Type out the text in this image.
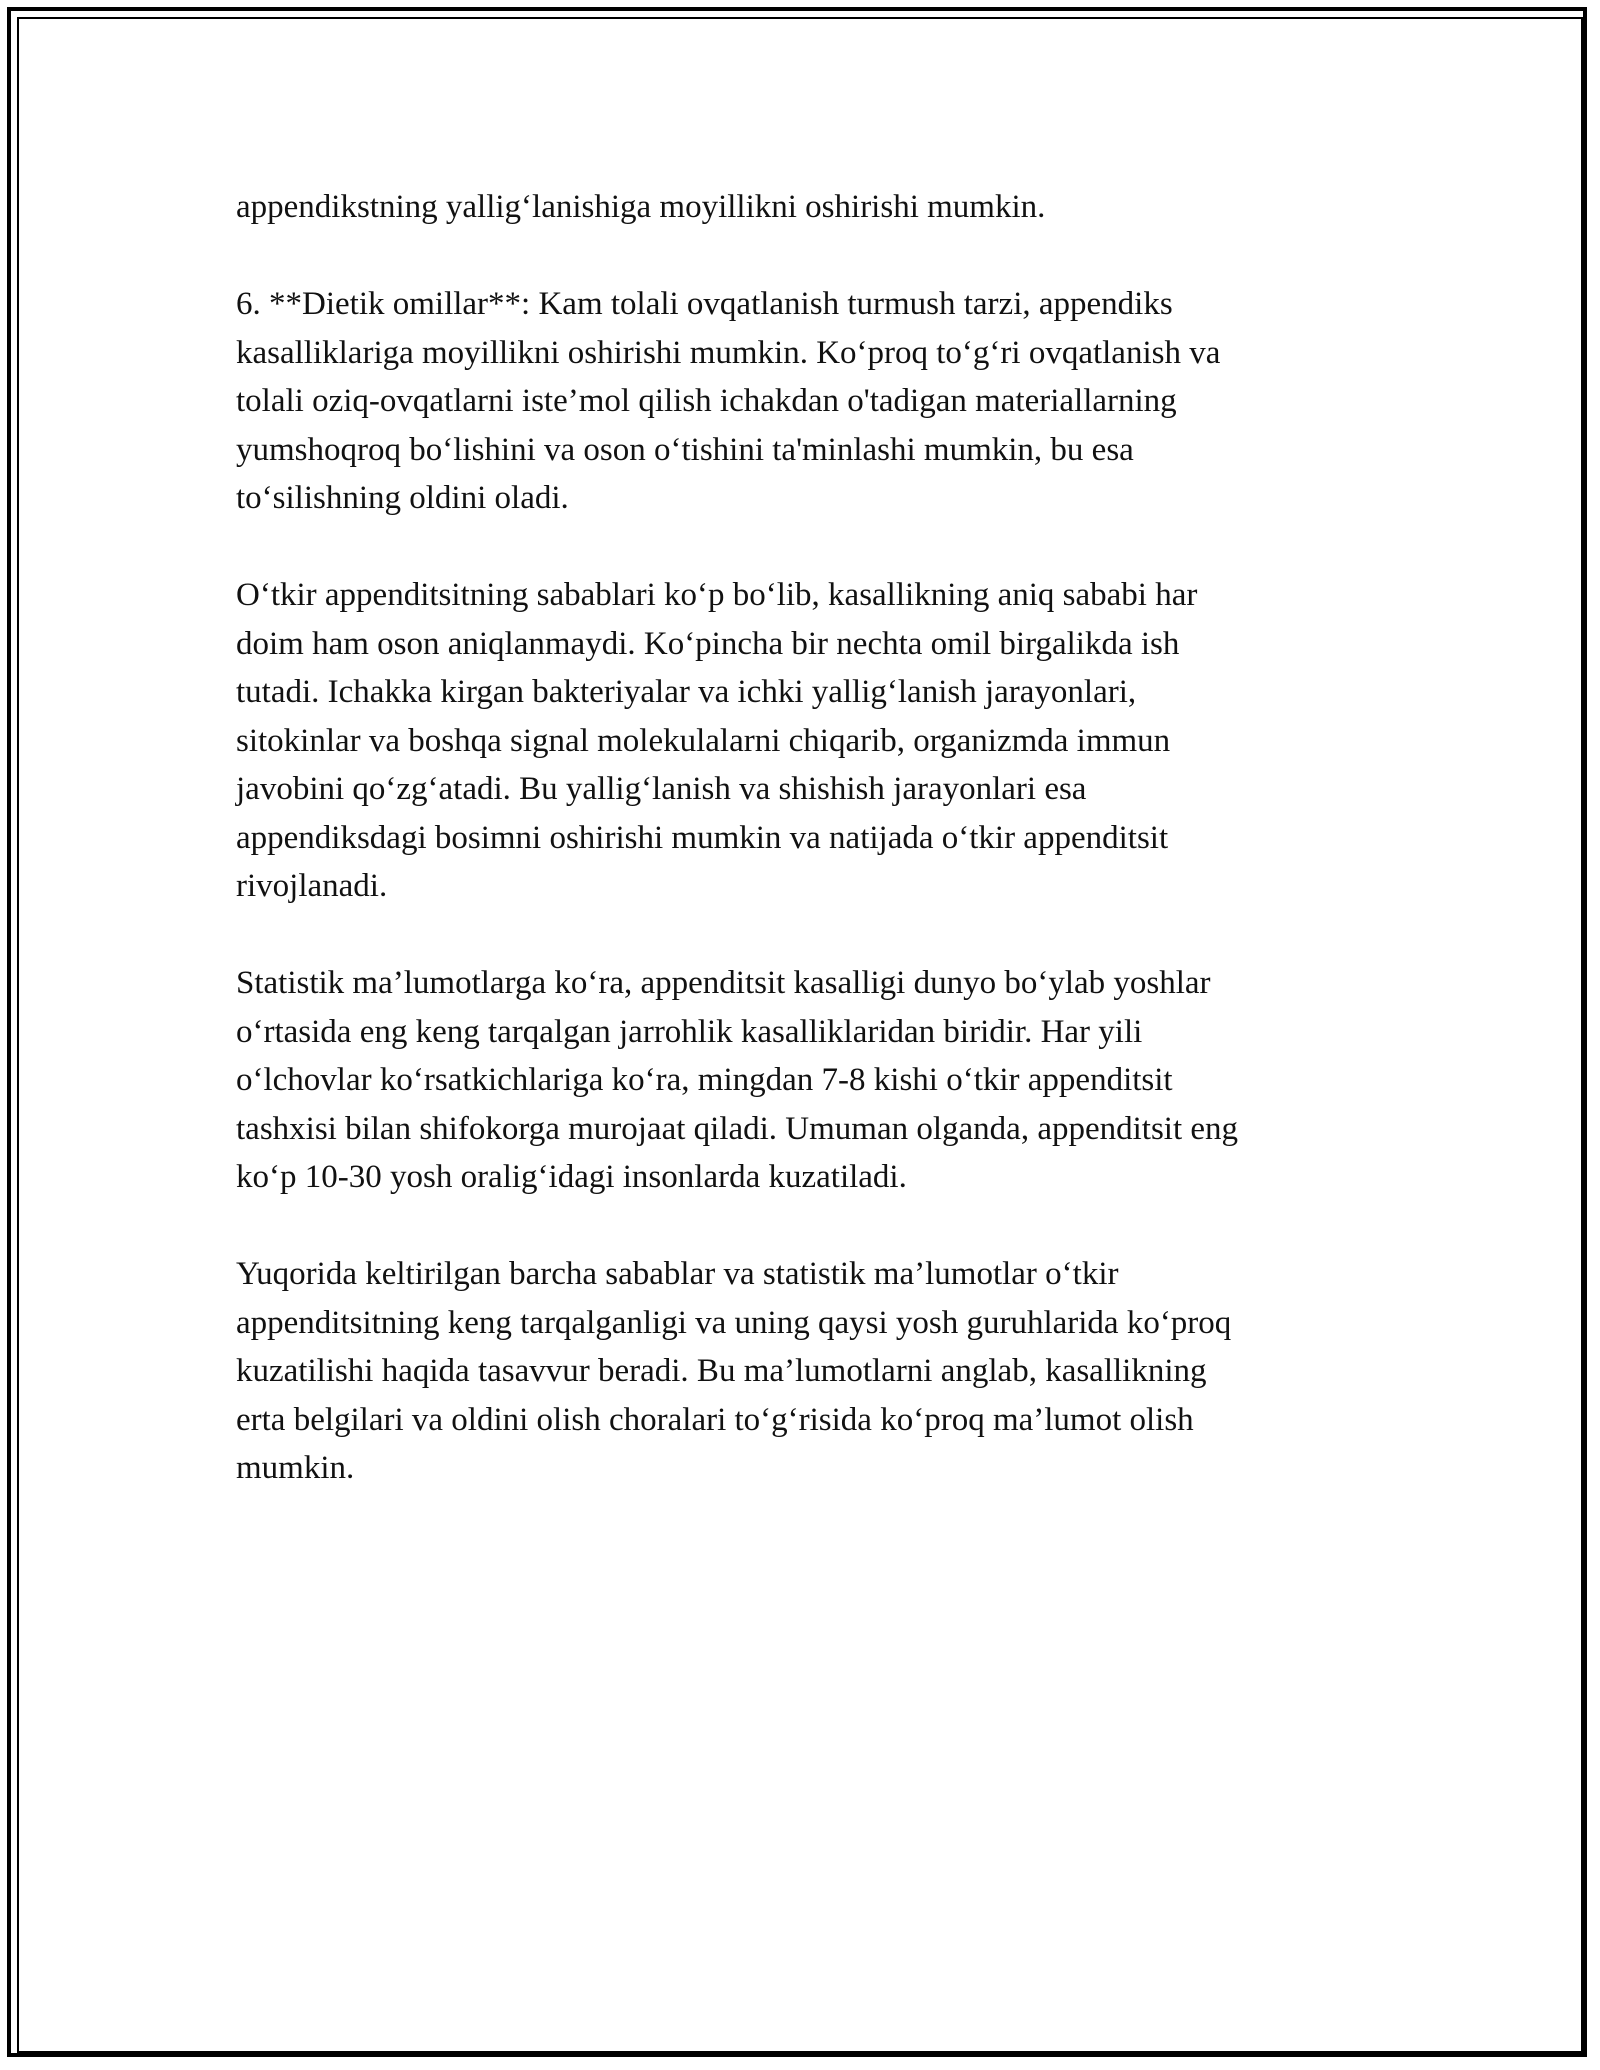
appendikstning yallig‘lanishiga moyillikni oshirishi mumkin.

6. **Dietik omillar**: Kam tolali ovqatlanish turmush tarzi, appendiks
kasalliklariga moyillikni oshirishi mumkin. Ko‘proq to‘g‘ri ovqatlanish va
tolali oziq-ovqatlarni iste’mol qilish ichakdan o'tadigan materiallarning
yumshoqroq bo‘lishini va oson o‘tishini ta'minlashi mumkin, bu esa
to‘silishning oldini oladi.

O‘tkir appenditsitning sabablari ko‘p bo‘lib, kasallikning aniq sababi har
doim ham oson aniqlanmaydi. Ko‘pincha bir nechta omil birgalikda ish
tutadi. Ichakka kirgan bakteriyalar va ichki yallig‘lanish jarayonlari,
sitokinlar va boshqa signal molekulalarni chiqarib, organizmda immun
javobini qo‘zg‘atadi. Bu yallig‘lanish va shishish jarayonlari esa
appendiksdagi bosimni oshirishi mumkin va natijada o‘tkir appenditsit
rivojlanadi.

Statistik ma’lumotlarga ko‘ra, appenditsit kasalligi dunyo bo‘ylab yoshlar
o‘rtasida eng keng tarqalgan jarrohlik kasalliklaridan biridir. Har yili
o‘lchovlar ko‘rsatkichlariga ko‘ra, mingdan 7-8 kishi o‘tkir appenditsit
tashxisi bilan shifokorga murojaat qiladi. Umuman olganda, appenditsit eng
ko‘p 10-30 yosh oralig‘idagi insonlarda kuzatiladi.

Yuqorida keltirilgan barcha sabablar va statistik ma’lumotlar o‘tkir
appenditsitning keng tarqalganligi va uning qaysi yosh guruhlarida ko‘proq
kuzatilishi haqida tasavvur beradi. Bu ma’lumotlarni anglab, kasallikning
erta belgilari va oldini olish choralari to‘g‘risida ko‘proq ma’lumot olish
mumkin.
